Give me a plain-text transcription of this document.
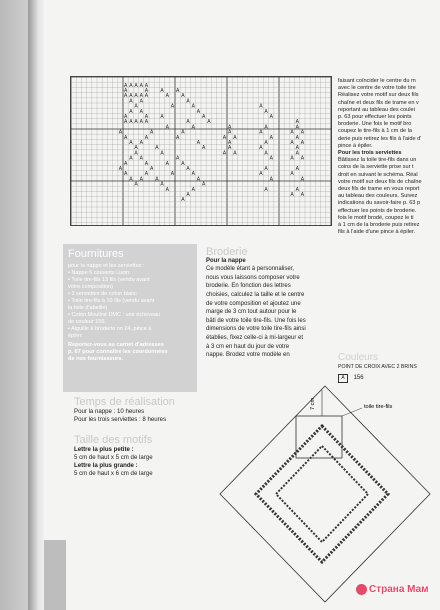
A A A A A
A	A
A A A A A
A A
A
A A
A	A
A A A A A
A
A
A A
A
A
A
A
A A
A	A
A	A
A
A
A
A
A
A
A
A
A
A
A
A
A
A
A
A
A
A
A
A
A
A
A
A
A
A
A
A
A
A
A
A
A
A
A
A
A
A
A
A
A
A A
A
A
A A
A
A
A
A
A
A
A
A
A
A
A
A
A
A
A
A
A A
A
A A
A
A
A A
A
A
A
A
A A
faisant coïncider le centre du m
avec le centre de votre toile tire
Réalisez votre motif sur deux fils
chaîne et deux fils de trame en v
reportant au tableau des coulei
p. 63 pour effectuer les points
broderie. Une fois le motif bro
coupez le tire-fils à 1 cm de la
derie puis retirez les fils à l'aide d'
pince à épiler.

Pour les trois serviettes

Bâtissez la toile tire-fils dans un
coins de la serviette prise sur t
droit en suivant le schéma. Réal
votre motif sur deux fils de chaîne
deux fils de trame en vous report
au tableau des couleurs. Suivez
indications du savoir-faire p. 63 p
effectuer les points de broderie.
fois le motif brodé, coupez le ti
à 1 cm de la broderie puis retirez
fils à l'aide d'une pince à épiler.
Couleurs

POINT DE CROIX AVEC 2 BRINS

A 156

Fournitures
pour la nappe et les serviettes :
• Nappe 6 couverts Lison.
• Toile tire-fils 13 fils (vendu avant
votre composition)
• 3 serviettes de coton blanc
• Toile tire-fils à 10 fils (vendu avant
la toile d'abeille)
• Coton Mouliné DMC : une écheveau
de couleur 156.
• Aiguille à broderie no 24, pince à
épiler.
Reportez-vous au carnet d'adresses
p. 67 pour connaître les coordonnées
de nos fournisseurs.
Broderie

Pour la nappe

Ce modèle étant à personnaliser,
nous vous laissons composer votre
broderie. En fonction des lettres
choisies, calculez la taille et le centre
de votre composition et ajoutez une
marge de 3 cm tout autour pour le
bâti de votre toile tire-fils. Une fois les
dimensions de votre toile tire-fils ainsi
établies, fixez celle-ci à mi-largeur et
à 3 cm en haut du jour de votre
nappe. Brodez votre modèle en
Temps de réalisation
Pour la nappe : 10 heures
Pour les trois serviettes : 8 heures
Taille des motifs
Lettre la plus petite :
5 cm de haut x 5 cm de large
Lettre la plus grande :
5 cm de haut x 6 cm de large
7 cm	toile tire-fils
Страна Мам
